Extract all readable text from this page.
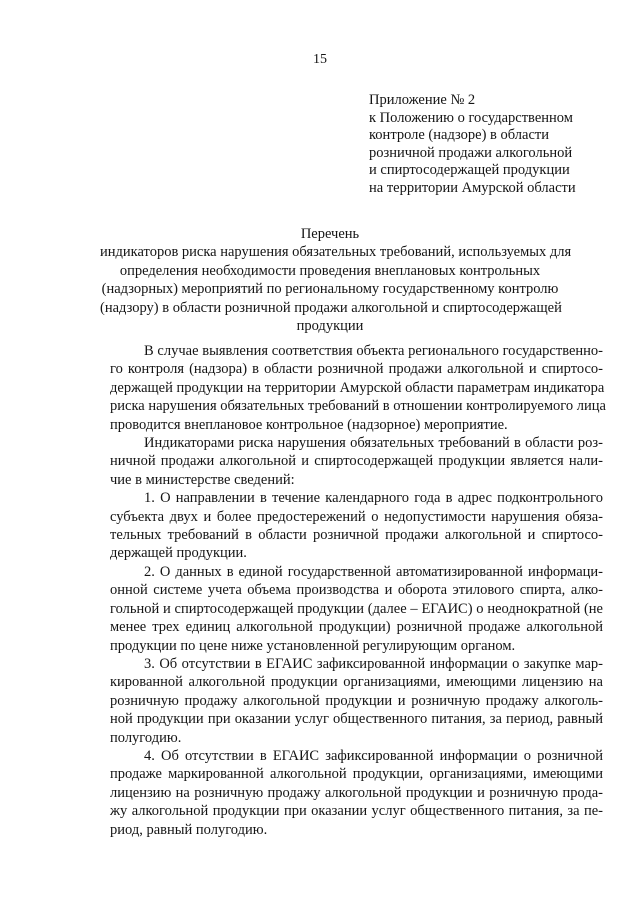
15
Приложение № 2
к Положению о государственном
контроле (надзоре) в области
розничной продажи алкогольной
и спиртосодержащей продукции
на территории Амурской области
Перечень
индикаторов риска нарушения обязательных требований, используемых для
определения необходимости проведения внеплановых контрольных
(надзорных) мероприятий по региональному государственному контролю
(надзору) в области розничной продажи алкогольной и спиртосодержащей
продукции
В случае выявления соответствия объекта регионального государственно-
го контроля (надзора) в области розничной продажи алкогольной и спиртосо-
держащей продукции на территории Амурской области параметрам индикатора
риска нарушения обязательных требований в отношении контролируемого лица
проводится внеплановое контрольное (надзорное) мероприятие.
Индикаторами риска нарушения обязательных требований в области роз-
ничной продажи алкогольной и спиртосодержащей продукции является нали-
чие в министерстве сведений:
1. О направлении в течение календарного года в адрес подконтрольного
субъекта двух и более предостережений о недопустимости нарушения обяза-
тельных требований в области розничной продажи алкогольной и спиртосо-
держащей продукции.
2. О данных в единой государственной автоматизированной информаци-
онной системе учета объема производства и оборота этилового спирта, алко-
гольной и спиртосодержащей продукции (далее – ЕГАИС) о неоднократной (не
менее трех единиц алкогольной продукции) розничной продаже алкогольной
продукции по цене ниже установленной регулирующим органом.
3. Об отсутствии в ЕГАИС зафиксированной информации о закупке мар-
кированной алкогольной продукции организациями, имеющими лицензию на
розничную продажу алкогольной продукции и розничную продажу алкоголь-
ной продукции при оказании услуг общественного питания, за период, равный
полугодию.
4. Об отсутствии в ЕГАИС зафиксированной информации о розничной
продаже маркированной алкогольной продукции, организациями, имеющими
лицензию на розничную продажу алкогольной продукции и розничную прода-
жу алкогольной продукции при оказании услуг общественного питания, за пе-
риод, равный полугодию.
